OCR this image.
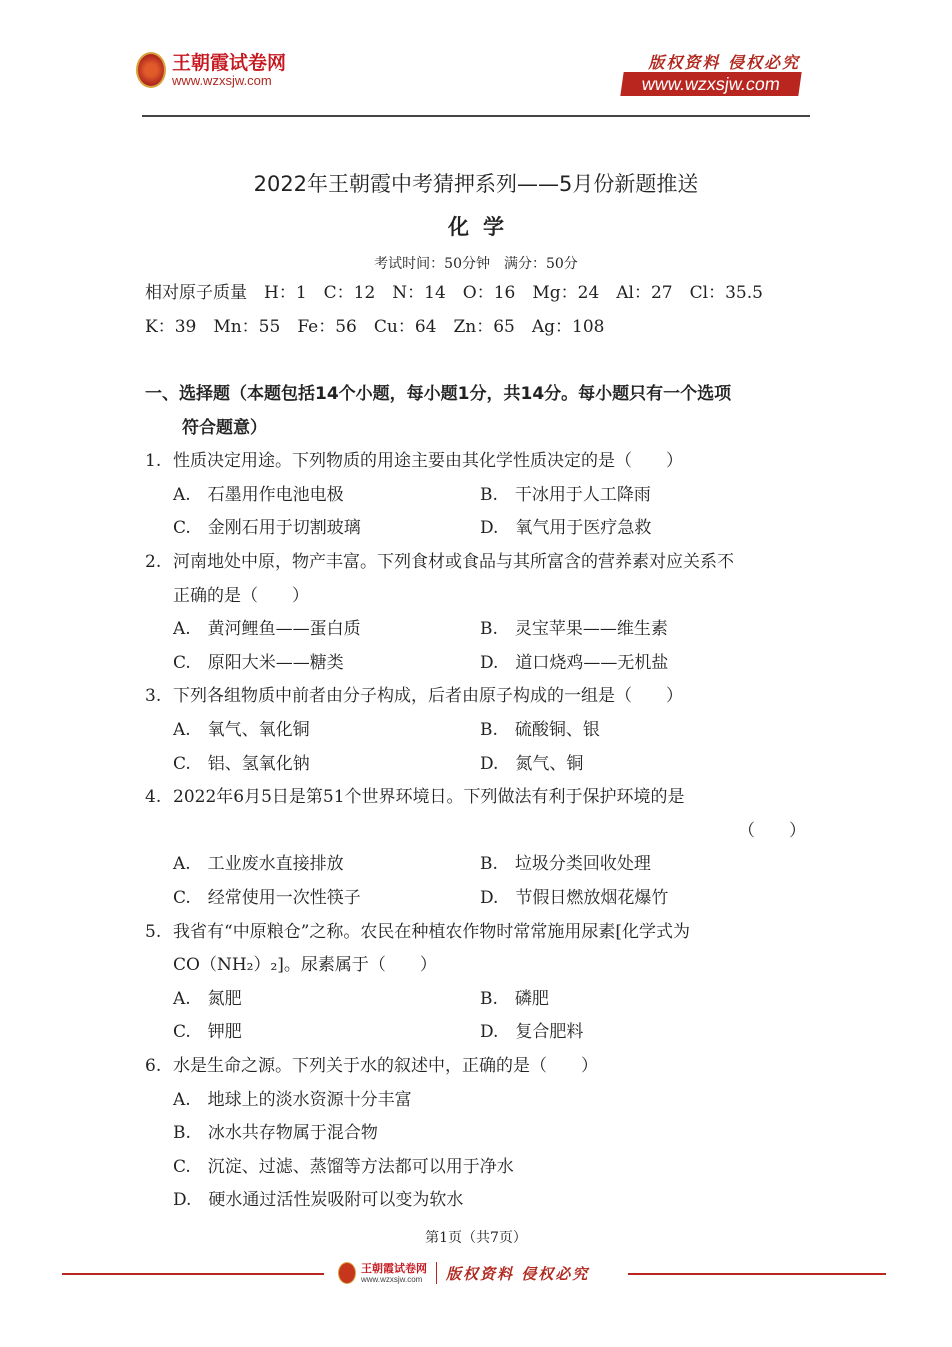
王朝霞试卷网
www.wzxsjw.com
版权资料 侵权必究
www.wzxsjw.com
2022年王朝霞中考猜押系列——5月份新题推送
化学
考试时间：50分钟　满分：50分
相对原子质量　H：1　C：12　N：14　O：16　Mg：24　Al：27　Cl：35.5
K：39　Mn：55　Fe：56　Cu：64　Zn：65　Ag：108
一、选择题（本题包括14个小题，每小题1分，共14分。每小题只有一个选项
符合题意）
1. 性质决定用途。下列物质的用途主要由其化学性质决定的是（　　）
A.　石墨用作电池电极	B.　干冰用于人工降雨
C.　金刚石用于切割玻璃	D.　氧气用于医疗急救
2. 河南地处中原，物产丰富。下列食材或食品与其所富含的营养素对应关系不
正确的是（　　）
A.　黄河鲤鱼——蛋白质	B.　灵宝苹果——维生素
C.　原阳大米——糖类	D.　道口烧鸡——无机盐
3. 下列各组物质中前者由分子构成，后者由原子构成的一组是（　　）
A.　氧气、氧化铜	B.　硫酸铜、银
C.　铝、氢氧化钠	D.　氮气、铜
4. 2022年6月5日是第51个世界环境日。下列做法有利于保护环境的是
（　　）
A.　工业废水直接排放	B.　垃圾分类回收处理
C.　经常使用一次性筷子	D.　节假日燃放烟花爆竹
5. 我省有“中原粮仓”之称。农民在种植农作物时常常施用尿素[化学式为
CO（NH₂）₂]。尿素属于（　　）
A.　氮肥	B.　磷肥
C.　钾肥	D.　复合肥料
6. 水是生命之源。下列关于水的叙述中，正确的是（　　）
A.　地球上的淡水资源十分丰富
B.　冰水共存物属于混合物
C.　沉淀、过滤、蒸馏等方法都可以用于净水
D.　硬水通过活性炭吸附可以变为软水
第1页（共7页）
王朝霞试卷网
www.wzxsjw.com	版权资料 侵权必究
